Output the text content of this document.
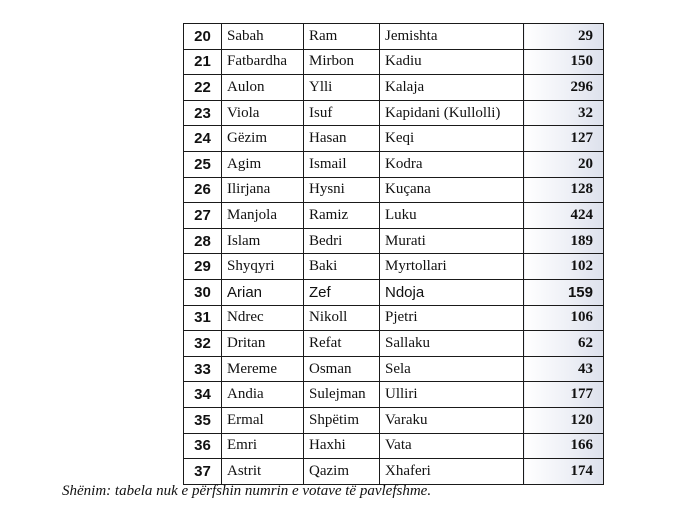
20	Sabah	Ram	Jemishta	29
21	Fatbardha	Mirbon	Kadiu	150
22	Aulon	Ylli	Kalaja	296
23	Viola	Isuf	Kapidani (Kullolli)	32
24	Gëzim	Hasan	Keqi	127
25	Agim	Ismail	Kodra	20
26	Ilirjana	Hysni	Kuçana	128
27	Manjola	Ramiz	Luku	424
28	Islam	Bedri	Murati	189
29	Shyqyri	Baki	Myrtollari	102
30	Arian	Zef	Ndoja	159
31	Ndrec	Nikoll	Pjetri	106
32	Dritan	Refat	Sallaku	62
33	Mereme	Osman	Sela	43
34	Andia	Sulejman	Ulliri	177
35	Ermal	Shpëtim	Varaku	120
36	Emri	Haxhi	Vata	166
37	Astrit	Qazim	Xhaferi	174
Shënim: tabela nuk e përfshin numrin e votave të pavlefshme.
